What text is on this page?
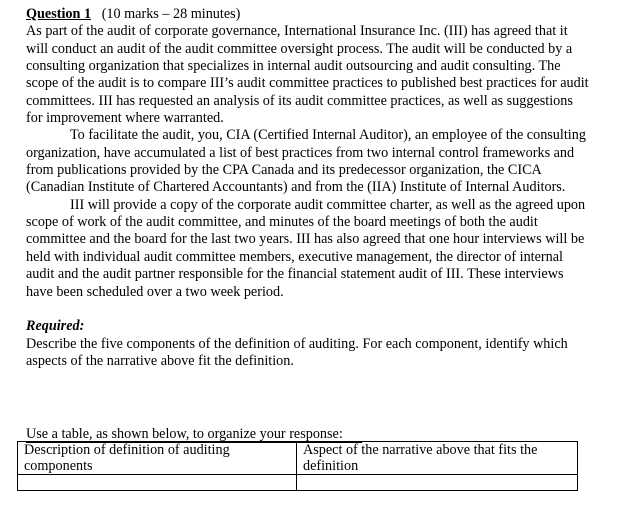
Question 1 (10 marks – 28 minutes)

As part of the audit of corporate governance, International Insurance Inc. (III) has agreed that it will conduct an audit of the audit committee oversight process. The audit will be conducted by a consulting organization that specializes in internal audit outsourcing and audit consulting. The scope of the audit is to compare III’s audit committee practices to published best practices for audit committees. III has requested an analysis of its audit committee practices, as well as suggestions for improvement where warranted.

To facilitate the audit, you, CIA (Certified Internal Auditor), an employee of the consulting organization, have accumulated a list of best practices from two internal control frameworks and from publications provided by the CPA Canada and its predecessor organization, the CICA (Canadian Institute of Chartered Accountants) and from the (IIA) Institute of Internal Auditors.

III will provide a copy of the corporate audit committee charter, as well as the agreed upon scope of work of the audit committee, and minutes of the board meetings of both the audit committee and the board for the last two years. III has also agreed that one hour interviews will be held with individual audit committee members, executive management, the director of internal audit and the audit partner responsible for the financial statement audit of III. These interviews have been scheduled over a two week period.

Required:

Describe the five components of the definition of auditing. For each component, identify which aspects of the narrative above fit the definition.

Use a table, as shown below, to organize your response:

Description of definition of auditing components	Aspect of the narrative above that fits the definition
